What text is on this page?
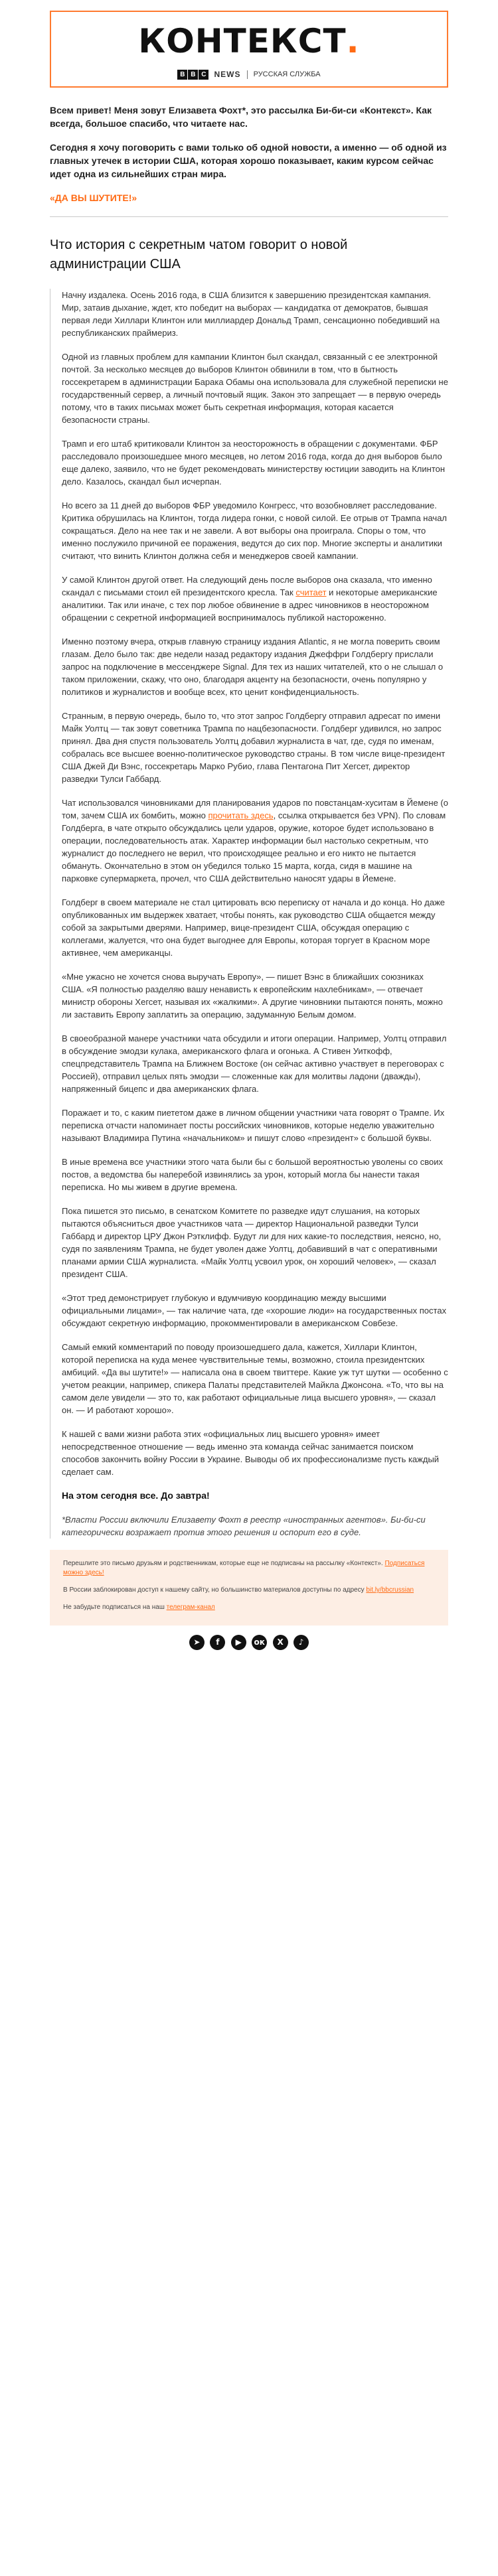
КОНТЕКСТ.
B B C NEWS РУССКАЯ СЛУЖБА

Всем привет! Меня зовут Елизавета Фохт*, это рассылка Би-би-си «Контекст». Как всегда, большое спасибо, что читаете нас.

Сегодня я хочу поговорить с вами только об одной новости, а именно — об одной из главных утечек в истории США, которая хорошо показывает, каким курсом сейчас идет одна из сильнейших стран мира.

«ДА ВЫ ШУТИТЕ!»

Что история с секретным чатом говорит о новой администрации США

Начну издалека. Осень 2016 года, в США близится к завершению президентская кампания. Мир, затаив дыхание, ждет, кто победит на выборах — кандидатка от демократов, бывшая первая леди Хиллари Клинтон или миллиардер Дональд Трамп, сенсационно победивший на республиканских праймериз.

Одной из главных проблем для кампании Клинтон был скандал, связанный с ее электронной почтой. За несколько месяцев до выборов Клинтон обвинили в том, что в бытность госсекретарем в администрации Барака Обамы она использовала для служебной переписки не государственный сервер, а личный почтовый ящик. Закон это запрещает — в первую очередь потому, что в таких письмах может быть секретная информация, которая касается безопасности страны.

Трамп и его штаб критиковали Клинтон за неосторожность в обращении с документами. ФБР расследовало произошедшее много месяцев, но летом 2016 года, когда до дня выборов было еще далеко, заявило, что не будет рекомендовать министерству юстиции заводить на Клинтон дело. Казалось, скандал был исчерпан.

Но всего за 11 дней до выборов ФБР уведомило Конгресс, что возобновляет расследование. Критика обрушилась на Клинтон, тогда лидера гонки, с новой силой. Ее отрыв от Трампа начал сокращаться. Дело на нее так и не завели. А вот выборы она проиграла. Споры о том, что именно послужило причиной ее поражения, ведутся до сих пор. Многие эксперты и аналитики считают, что винить Клинтон должна себя и менеджеров своей кампании.

У самой Клинтон другой ответ. На следующий день после выборов она сказала, что именно скандал с письмами стоил ей президентского кресла. Так считает и некоторые американские аналитики. Так или иначе, с тех пор любое обвинение в адрес чиновников в неосторожном обращении с секретной информацией воспринималось публикой настороженно.

Именно поэтому вчера, открыв главную страницу издания Atlantic, я не могла поверить своим глазам. Дело было так: две недели назад редактору издания Джеффри Голдбергу прислали запрос на подключение в мессенджере Signal. Для тех из наших читателей, кто о не слышал о таком приложении, скажу, что оно, благодаря акценту на безопасности, очень популярно у политиков и журналистов и вообще всех, кто ценит конфиденциальность.

Странным, в первую очередь, было то, что этот запрос Голдбергу отправил адресат по имени Майк Уолтц — так зовут советника Трампа по нацбезопасности. Голдберг удивился, но запрос принял. Два дня спустя пользователь Уолтц добавил журналиста в чат, где, судя по именам, собралась все высшее военно-политическое руководство страны. В том числе вице-президент США Джей Ди Вэнс, госсекретарь Марко Рубио, глава Пентагона Пит Хегсет, директор разведки Тулси Габбард.

Чат использовался чиновниками для планирования ударов по повстанцам-хуситам в Йемене (о том, зачем США их бомбить, можно прочитать здесь, ссылка открывается без VPN). По словам Голдберга, в чате открыто обсуждались цели ударов, оружие, которое будет использовано в операции, последовательность атак. Характер информации был настолько секретным, что журналист до последнего не верил, что происходящее реально и его никто не пытается обмануть. Окончательно в этом он убедился только 15 марта, когда, сидя в машине на парковке супермаркета, прочел, что США действительно наносят удары в Йемене.

Голдберг в своем материале не стал цитировать всю переписку от начала и до конца. Но даже опубликованных им выдержек хватает, чтобы понять, как руководство США общается между собой за закрытыми дверями. Например, вице-президент США, обсуждая операцию с коллегами, жалуется, что она будет выгоднее для Европы, которая торгует в Красном море активнее, чем американцы.

«Мне ужасно не хочется снова выручать Европу», — пишет Вэнс в ближайших союзниках США. «Я полностью разделяю вашу ненависть к европейским нахлебникам», — отвечает министр обороны Хегсет, называя их «жалкими». А другие чиновники пытаются понять, можно ли заставить Европу заплатить за операцию, задуманную Белым домом.

В своеобразной манере участники чата обсудили и итоги операции. Например, Уолтц отправил в обсуждение эмодзи кулака, американского флага и огонька. А Стивен Уиткофф, спецпредставитель Трампа на Ближнем Востоке (он сейчас активно участвует в переговорах с Россией), отправил целых пять эмодзи — сложенные как для молитвы ладони (дважды), напряженный бицепс и два американских флага.

Поражает и то, с каким пиететом даже в личном общении участники чата говорят о Трампе. Их переписка отчасти напоминает посты российских чиновников, которые неделю уважительно называют Владимира Путина «начальником» и пишут слово «президент» с большой буквы.

В иные времена все участники этого чата были бы с большой вероятностью уволены со своих постов, а ведомства бы наперебой извинялись за урон, который могла бы нанести такая переписка. Но мы живем в другие времена.

Пока пишется это письмо, в сенатском Комитете по разведке идут слушания, на которых пытаются объясниться двое участников чата — директор Национальной разведки Тулси Габбард и директор ЦРУ Джон Рэтклифф. Будут ли для них какие-то последствия, неясно, но, судя по заявлениям Трампа, не будет уволен даже Уолтц, добавивший в чат с оперативными планами армии США журналиста. «Майк Уолтц усвоил урок, он хороший человек», — сказал президент США.

«Этот тред демонстрирует глубокую и вдумчивую координацию между высшими официальными лицами», — так наличие чата, где «хорошие люди» на государственных постах обсуждают секретную информацию, прокомментировали в американском Совбезе.

Самый емкий комментарий по поводу произошедшего дала, кажется, Хиллари Клинтон, которой переписка на куда менее чувствительные темы, возможно, стоила президентских амбиций. «Да вы шутите!» — написала она в своем твиттере. Какие уж тут шутки — особенно с учетом реакции, например, спикера Палаты представителей Майкла Джонсона. «То, что вы на самом деле увидели — это то, как работают официальные лица высшего уровня», — сказал он. — И работают хорошо».

К нашей с вами жизни работа этих «официальных лиц высшего уровня» имеет непосредственное отношение — ведь именно эта команда сейчас занимается поиском способов закончить войну России в Украине. Выводы об их профессионализме пусть каждый сделает сам.

На этом сегодня все. До завтра!

*Власти России включили Елизавету Фохт в реестр «иностранных агентов». Би-би-си категорически возражает против этого решения и оспорит его в суде.

Перешлите это письмо друзьям и родственникам, которые еще не подписаны на рассылку «Контекст». Подписаться можно здесь!

В России заблокирован доступ к нашему сайту, но большинство материалов доступны по адресу bit.ly/bbcrussian

Не забудьте подписаться на наш телеграм-канал

➤ f ▶ ок X ♪
